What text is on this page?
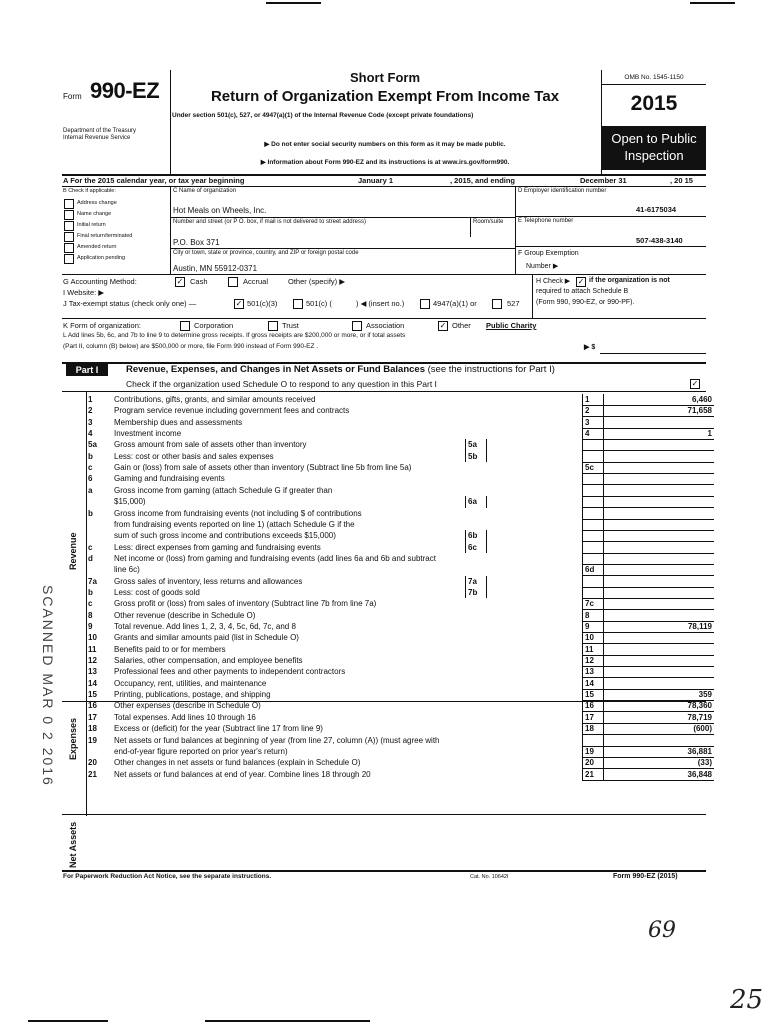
Form 990-EZ
Department of the Treasury
Internal Revenue Service
Short Form
Return of Organization Exempt From Income Tax
Under section 501(c), 527, or 4947(a)(1) of the Internal Revenue Code (except private foundations)
▶ Do not enter social security numbers on this form as it may be made public.
▶ Information about Form 990-EZ and its instructions is at www.irs.gov/form990.
OMB No. 1545-1150
2015
Open to Public
Inspection
A For the 2015 calendar year, or tax year beginning	January 1	, 2015, and ending	December 31	, 20 15
B Check if applicable:
Address change
Name change
Initial return
Final return/terminated
Amended return
Application pending
C Name of organization
Hot Meals on Wheels, Inc.
Number and street (or P O. box, if mail is not delivered to street address)	Room/suite
P.O. Box 371
City or town, state or province, country, and ZIP or foreign postal code
Austin, MN 55912-0371
D Employer identification number
41-6175034
E Telephone number
507-438-3140
F Group Exemption
Number ▶
G Accounting Method:	✓ Cash	Accrual	Other (specify) ▶	H Check ▶ ✓ if the organization is not
required to attach Schedule B
(Form 990, 990-EZ, or 990-PF).
I Website: ▶
J Tax-exempt status (check only one) —	✓ 501(c)(3)	501(c) (	) ◀ (insert no.)	4947(a)(1) or	527
K Form of organization:	Corporation	Trust	Association	✓ Other Public Charity
L Add lines 5b, 6c, and 7b to line 9 to determine gross receipts. If gross receipts are $200,000 or more, or if total assets
(Part II, column (B) below) are $500,000 or more, file Form 990 instead of Form 990-EZ .	▶ $
Part I	Revenue, Expenses, and Changes in Net Assets or Fund Balances (see the instructions for Part I)
Check if the organization used Schedule O to respond to any question in this Part I	✓
Revenue
Expenses
Net Assets
1	Contributions, gifts, grants, and similar amounts received	1	6,460
2	Program service revenue including government fees and contracts	2	71,658
3	Membership dues and assessments	3
4	Investment income	4	1
5a	Gross amount from sale of assets other than inventory	5a
b	Less: cost or other basis and sales expenses	5b
c	Gain or (loss) from sale of assets other than inventory (Subtract line 5b from line 5a)	5c
6	Gaming and fundraising events
a	Gross income from gaming (attach Schedule G if greater than
$15,000)	6a
b	Gross income from fundraising events (not including $ of contributions
from fundraising events reported on line 1) (attach Schedule G if the
sum of such gross income and contributions exceeds $15,000)	6b
c	Less: direct expenses from gaming and fundraising events	6c
d	Net income or (loss) from gaming and fundraising events (add lines 6a and 6b and subtract
line 6c)	6d
7a	Gross sales of inventory, less returns and allowances	7a
b	Less: cost of goods sold	7b
c	Gross profit or (loss) from sales of inventory (Subtract line 7b from line 7a)	7c
8	Other revenue (describe in Schedule O)	8
9	Total revenue. Add lines 1, 2, 3, 4, 5c, 6d, 7c, and 8	9	78,119
10	Grants and similar amounts paid (list in Schedule O)	10
11	Benefits paid to or for members	11
12	Salaries, other compensation, and employee benefits	12
13	Professional fees and other payments to independent contractors	13
14	Occupancy, rent, utilities, and maintenance	14
15	Printing, publications, postage, and shipping	15	359
16	Other expenses (describe in Schedule O)	16	78,360
17	Total expenses. Add lines 10 through 16	17	78,719
18	Excess or (deficit) for the year (Subtract line 17 from line 9)	18	(600)
19	Net assets or fund balances at beginning of year (from line 27, column (A)) (must agree with
end-of-year figure reported on prior year's return)	19	36,881
20	Other changes in net assets or fund balances (explain in Schedule O)	20	(33)
21	Net assets or fund balances at end of year. Combine lines 18 through 20	21	36,848
For Paperwork Reduction Act Notice, see the separate instructions.	Cat. No. 10642I	Form 990-EZ (2015)
SCANNED MAR 0 2 2016
69
25
